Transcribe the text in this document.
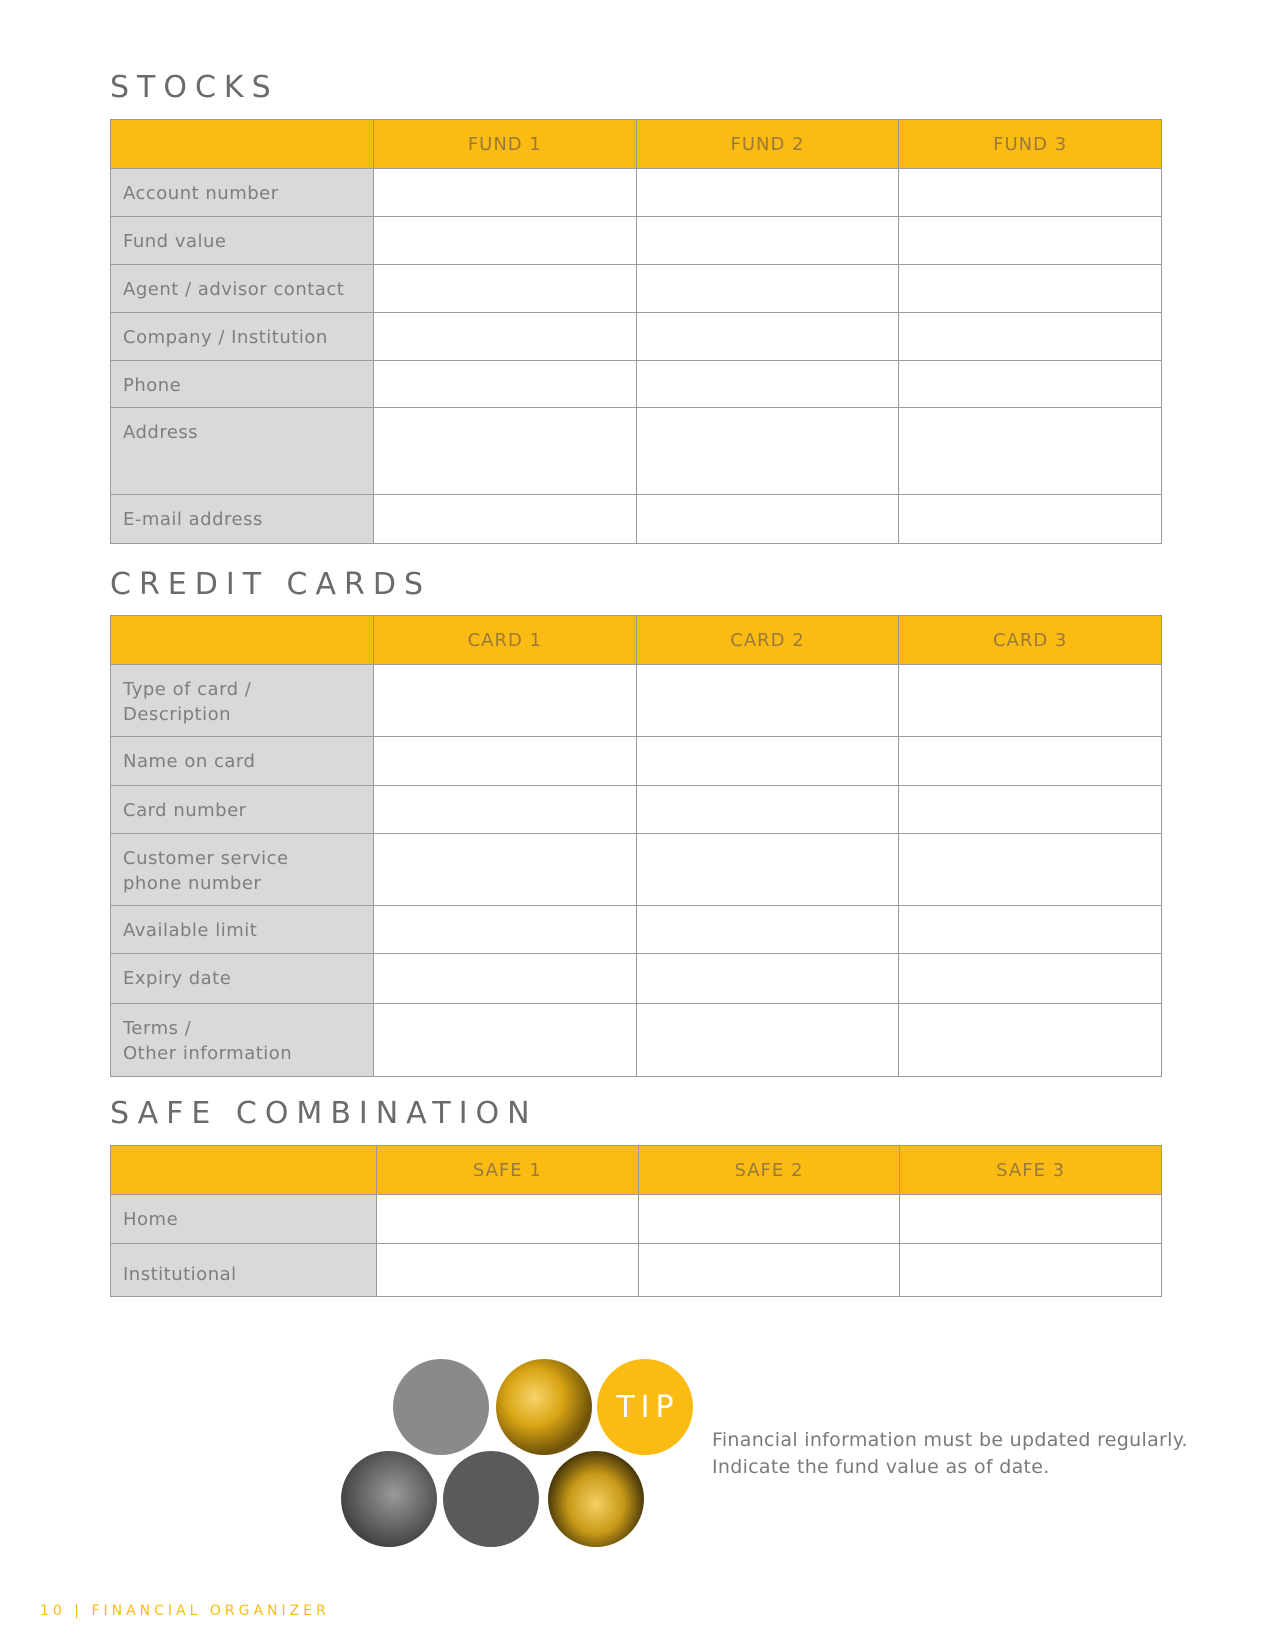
STOCKS
	FUND 1	FUND 2	FUND 3
Account number			
Fund value			
Agent / advisor contact			
Company / Institution			
Phone			
Address			
E-mail address			
CREDIT CARDS
	CARD 1	CARD 2	CARD 3
Type of card /
Description			
Name on card			
Card number			
Customer service
phone number			
Available limit			
Expiry date			
Terms /
Other information			
SAFE COMBINATION
	SAFE 1	SAFE 2	SAFE 3
Home			
Institutional			
TIP
Financial information must be updated regularly.
Indicate the fund value as of date.
10 | FINANCIAL ORGANIZER
